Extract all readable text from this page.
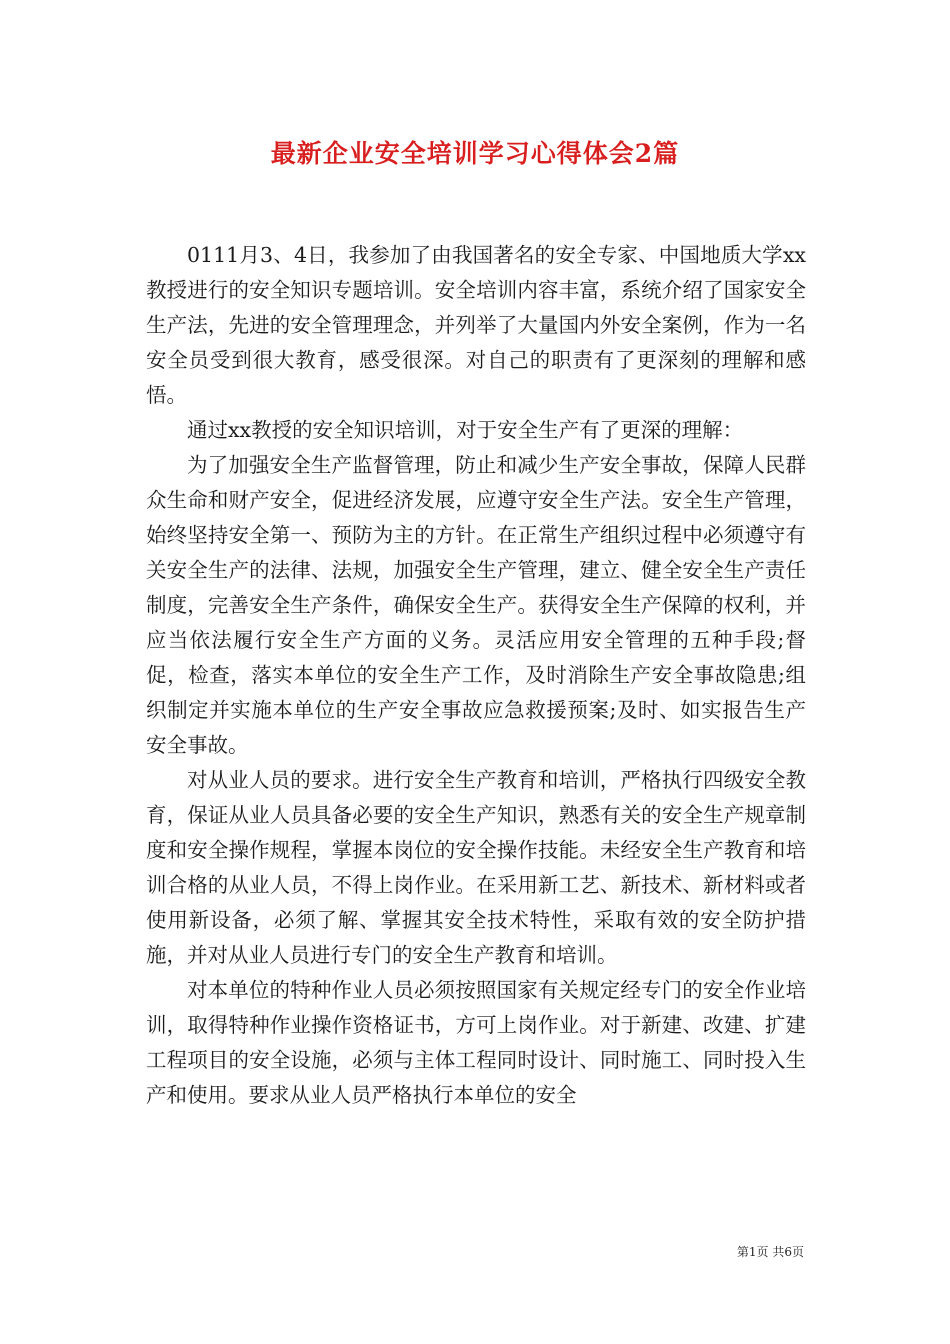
最新企业安全培训学习心得体会2篇

0111月3、4日，我参加了由我国著名的安全专家、中国地质大学xx教授进行的安全知识专题培训。安全培训内容丰富，系统介绍了国家安全生产法，先进的安全管理理念，并列举了大量国内外安全案例，作为一名安全员受到很大教育，感受很深。对自己的职责有了更深刻的理解和感悟。

通过xx教授的安全知识培训，对于安全生产有了更深的理解：

为了加强安全生产监督管理，防止和减少生产安全事故，保障人民群众生命和财产安全，促进经济发展，应遵守安全生产法。安全生产管理，始终坚持安全第一、预防为主的方针。在正常生产组织过程中必须遵守有关安全生产的法律、法规，加强安全生产管理，建立、健全安全生产责任制度，完善安全生产条件，确保安全生产。获得安全生产保障的权利，并应当依法履行安全生产方面的义务。灵活应用安全管理的五种手段;督促，检查，落实本单位的安全生产工作，及时消除生产安全事故隐患;组织制定并实施本单位的生产安全事故应急救援预案;及时、如实报告生产安全事故。

对从业人员的要求。进行安全生产教育和培训，严格执行四级安全教育，保证从业人员具备必要的安全生产知识，熟悉有关的安全生产规章制度和安全操作规程，掌握本岗位的安全操作技能。未经安全生产教育和培训合格的从业人员，不得上岗作业。在采用新工艺、新技术、新材料或者使用新设备，必须了解、掌握其安全技术特性，采取有效的安全防护措施，并对从业人员进行专门的安全生产教育和培训。

对本单位的特种作业人员必须按照国家有关规定经专门的安全作业培训，取得特种作业操作资格证书，方可上岗作业。对于新建、改建、扩建工程项目的安全设施，必须与主体工程同时设计、同时施工、同时投入生产和使用。要求从业人员严格执行本单位的安全

第1页 共6页
